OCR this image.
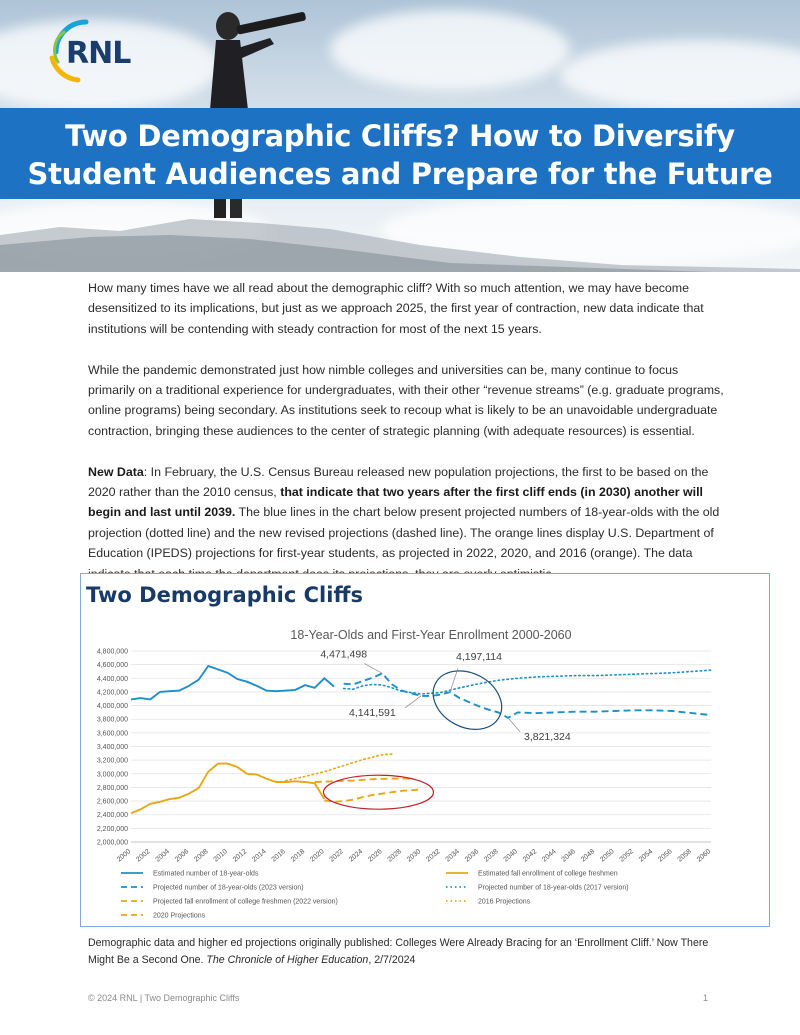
RNL
Two Demographic Cliffs? How to Diversify
Student Audiences and Prepare for the Future

How many times have we all read about the demographic cliff? With so much attention, we may have become desensitized to its implications, but just as we approach 2025, the first year of contraction, new data indicate that institutions will be contending with steady contraction for most of the next 15 years.

While the pandemic demonstrated just how nimble colleges and universities can be, many continue to focus primarily on a traditional experience for undergraduates, with their other “revenue streams” (e.g. graduate programs, online programs) being secondary. As institutions seek to recoup what is likely to be an unavoidable undergraduate contraction, bringing these audiences to the center of strategic planning (with adequate resources) is essential.

New Data: In February, the U.S. Census Bureau released new population projections, the first to be based on the 2020 rather than the 2010 census, that indicate that two years after the first cliff ends (in 2030) another will begin and last until 2039. The blue lines in the chart below present projected numbers of 18-year-olds with the old projection (dotted line) and the new revised projections (dashed line). The orange lines display U.S. Department of Education (IPEDS) projections for first-year students, as projected in 2022, 2020, and 2016 (orange). The data

Two Demographic Cliffs
18-Year-Olds and First-Year Enrollment 2000-2060
2,000,000
2,200,000
2,400,000
2,600,000
2,800,000
3,000,000
3,200,000
3,400,000
3,600,000
3,800,000
4,000,000
4,200,000
4,400,000
4,600,000
4,800,000
2000 2002 2004 2006 2008 2010 2012 2014 2016 2018 2020 2022 2024 2026 2028 2030 2032 2034 2036 2038 2040 2042 2044 2046 2048 2050 2052 2054 2056 2058 2060
4,471,498
4,141,591
4,197,114
3,821,324
Estimated number of 18-year-olds	Estimated fall enrollment of college freshmen
Projected number of 18-year-olds (2023 version)	Projected number of 18-year-olds (2017 version)
Projected fall enrollment of college freshmen (2022 version)	2016 Projections
2020 Projections
Demographic data and higher ed projections originally published: Colleges Were Already Bracing for an ‘Enrollment Cliff.’ Now There Might Be a Second One. The Chronicle of Higher Education, 2/7/2024
© 2024 RNL | Two Demographic Cliffs	1
